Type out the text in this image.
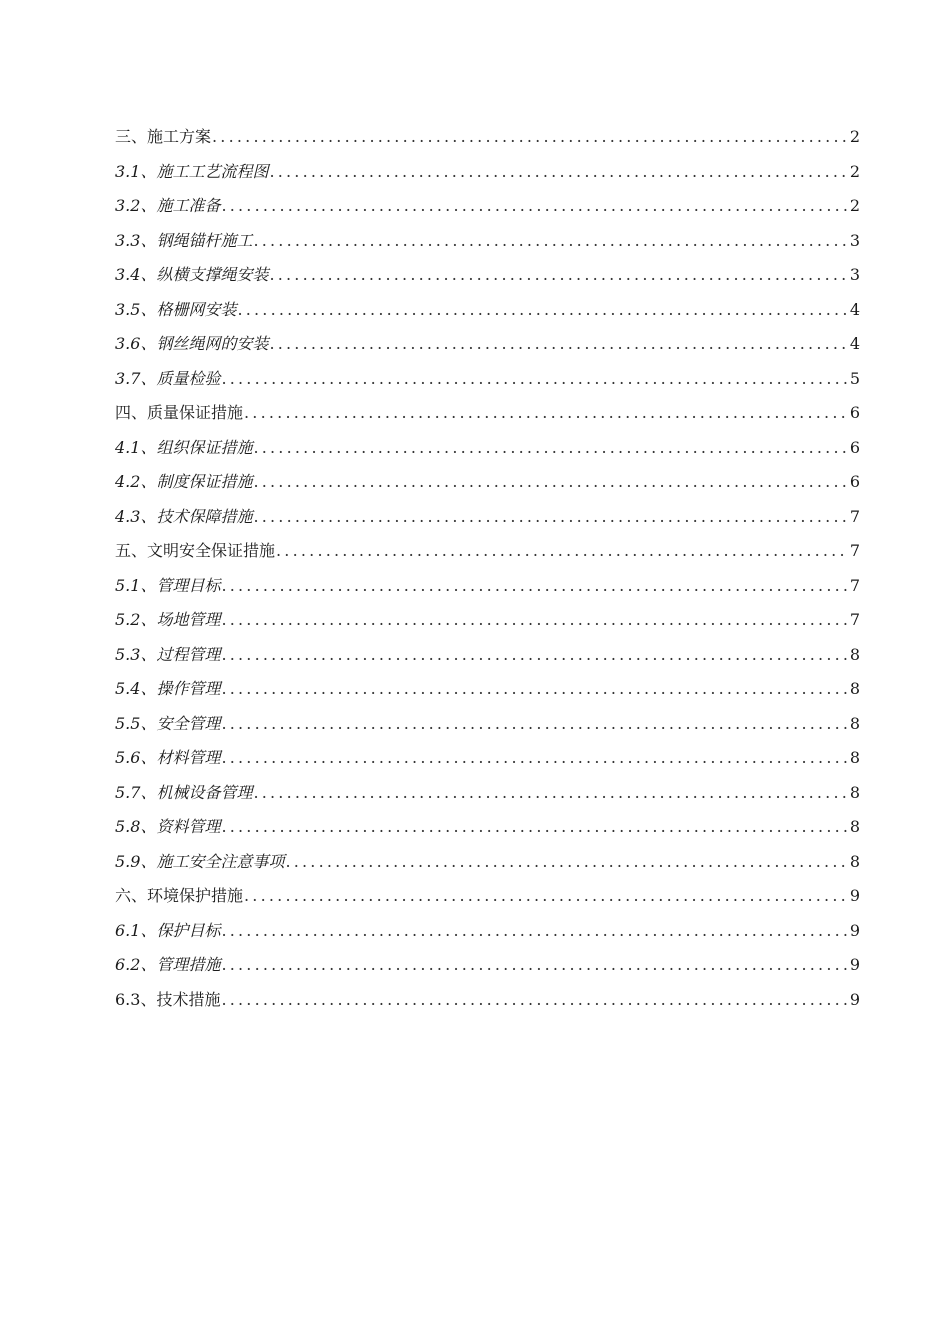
三、施工方案 .....	2
3.1、施工工艺流程图 .....	2
3.2、施工准备 .....	2
3.3、钢绳锚杆施工 .....	3
3.4、纵横支撑绳安装 .....	3
3.5、格栅网安装 .....	4
3.6、钢丝绳网的安装 .....	4
3.7、质量检验 .....	5
四、质量保证措施 .....	6
4.1、组织保证措施 .....	6
4.2、制度保证措施 .....	6
4.3、技术保障措施 .....	7
五、文明安全保证措施 .....	7
5.1、管理目标 .....	7
5.2、场地管理 .....	7
5.3、过程管理 .....	8
5.4、操作管理 .....	8
5.5、安全管理 .....	8
5.6、材料管理 .....	8
5.7、机械设备管理 .....	8
5.8、资料管理 .....	8
5.9、施工安全注意事项 .....	8
六、环境保护措施 .....	9
6.1、保护目标 .....	9
6.2、管理措施 .....	9
6.3、技术措施 .....	9
